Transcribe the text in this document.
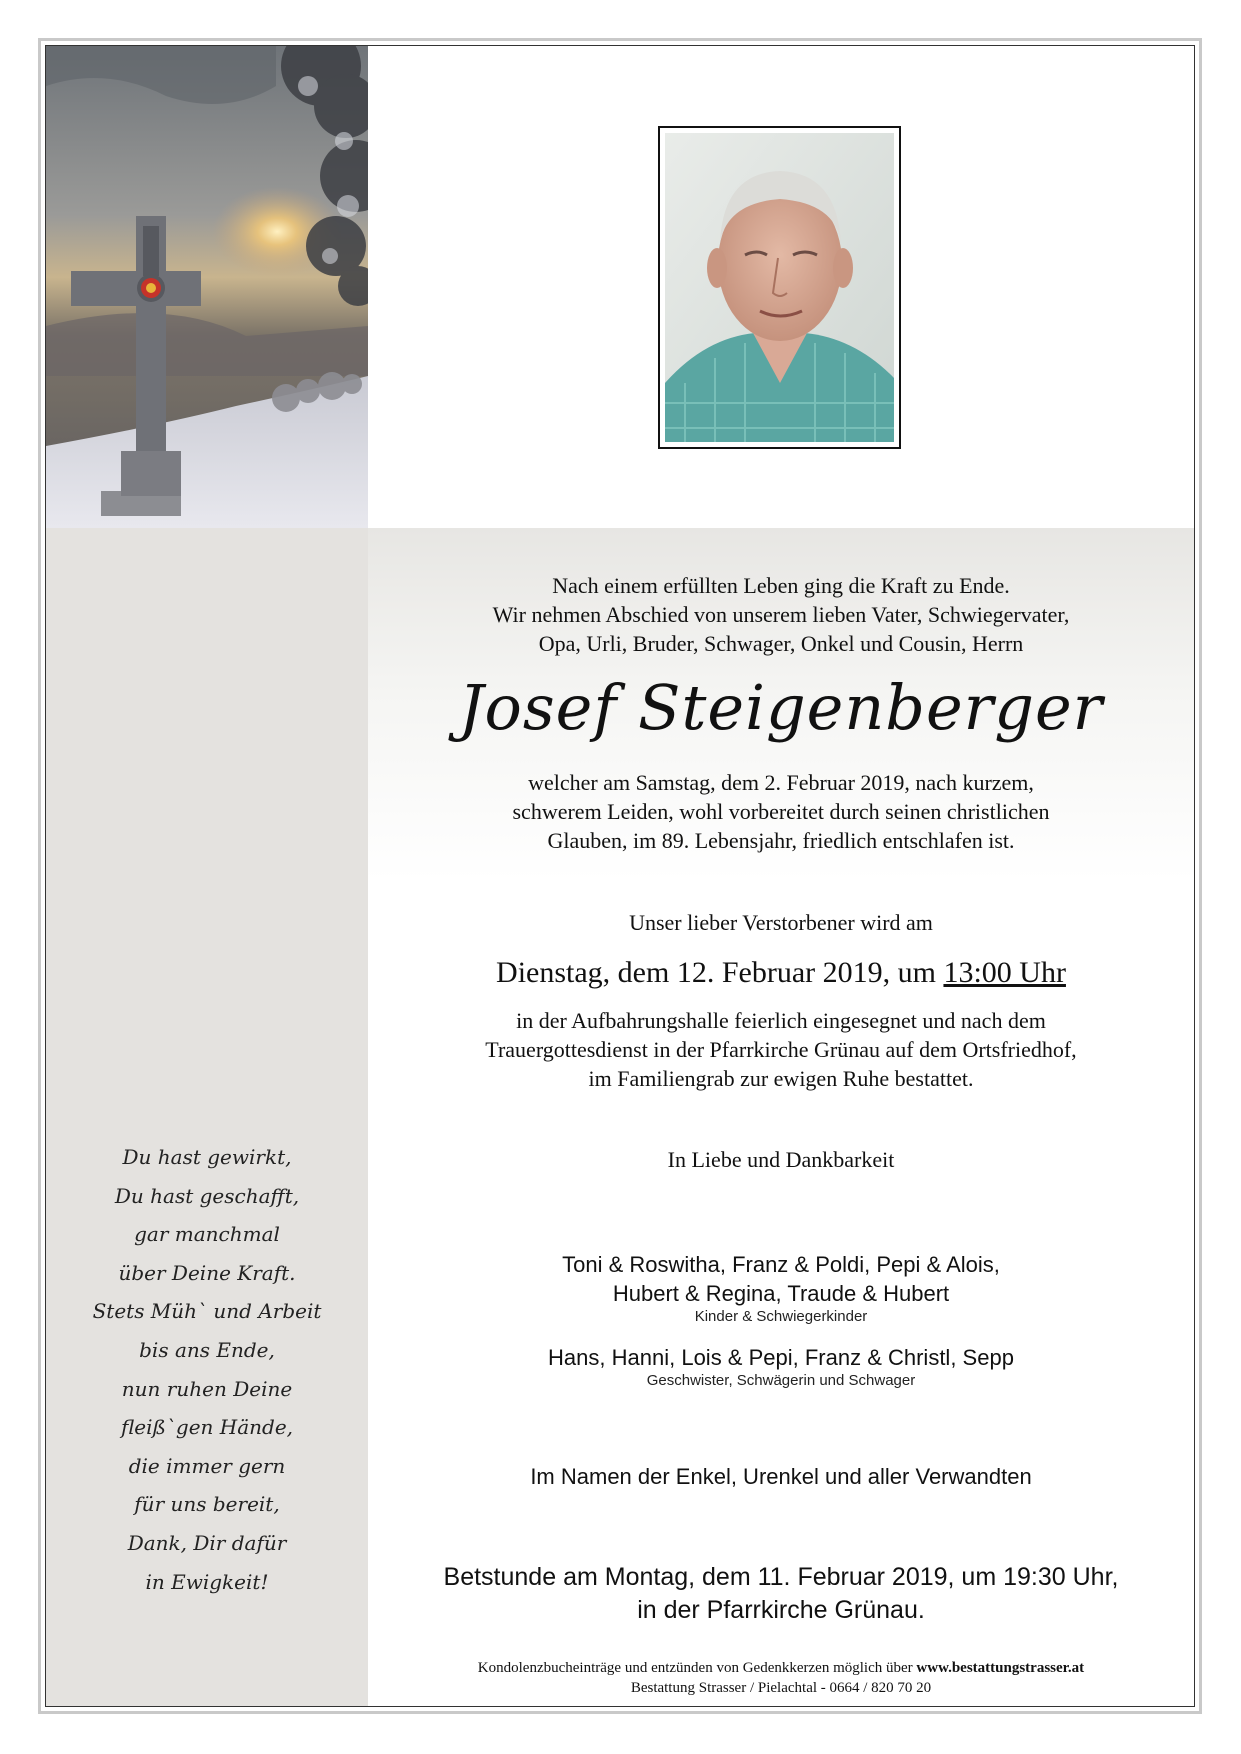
Du hast gewirkt,
Du hast geschafft,
gar manchmal
über Deine Kraft.
Stets Müh` und Arbeit
bis ans Ende,
nun ruhen Deine
fleiß`gen Hände,
die immer gern
für uns bereit,
Dank, Dir dafür
in Ewigkeit!
Nach einem erfüllten Leben ging die Kraft zu Ende.
Wir nehmen Abschied von unserem lieben Vater, Schwiegervater,
Opa, Urli, Bruder, Schwager, Onkel und Cousin, Herrn
Josef Steigenberger
welcher am Samstag, dem 2. Februar 2019, nach kurzem,
schwerem Leiden, wohl vorbereitet durch seinen christlichen
Glauben, im 89. Lebensjahr, friedlich entschlafen ist.
Unser lieber Verstorbener wird am
Dienstag, dem 12. Februar 2019, um 13:00 Uhr
in der Aufbahrungshalle feierlich eingesegnet und nach dem
Trauergottesdienst in der Pfarrkirche Grünau auf dem Ortsfriedhof,
im Familiengrab zur ewigen Ruhe bestattet.
In Liebe und Dankbarkeit
Toni & Roswitha, Franz & Poldi, Pepi & Alois,
Hubert & Regina, Traude & Hubert
Kinder & Schwiegerkinder
Hans, Hanni, Lois & Pepi, Franz & Christl, Sepp
Geschwister, Schwägerin und Schwager
Im Namen der Enkel, Urenkel und aller Verwandten
Betstunde am Montag, dem 11. Februar 2019, um 19:30 Uhr,
in der Pfarrkirche Grünau.
Kondolenzbucheinträge und entzünden von Gedenkkerzen möglich über www.bestattungstrasser.at
Bestattung Strasser / Pielachtal - 0664 / 820 70 20
